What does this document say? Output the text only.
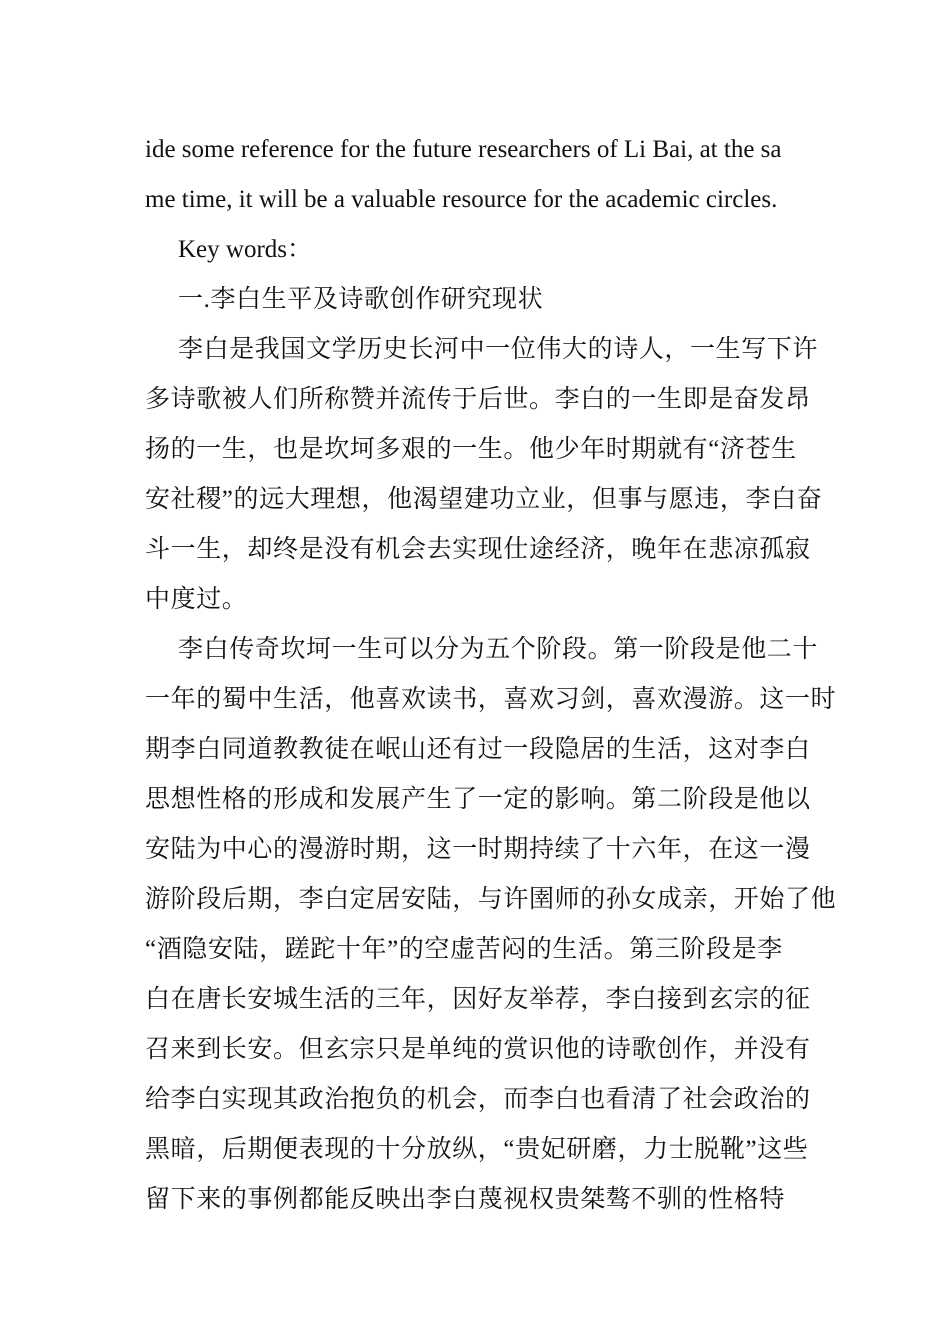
ide some reference for the future researchers of Li Bai, at the sa
me time, it will be a valuable resource for the academic circles.
Key words：
一.李白生平及诗歌创作研究现状
李白是我国文学历史长河中一位伟大的诗人，一生写下许
多诗歌被人们所称赞并流传于后世。李白的一生即是奋发昂
扬的一生，也是坎坷多艰的一生。他少年时期就有“济苍生
安社稷”的远大理想，他渴望建功立业，但事与愿违，李白奋
斗一生，却终是没有机会去实现仕途经济，晚年在悲凉孤寂
中度过。
李白传奇坎坷一生可以分为五个阶段。第一阶段是他二十
一年的蜀中生活，他喜欢读书，喜欢习剑，喜欢漫游。这一时
期李白同道教教徒在岷山还有过一段隐居的生活，这对李白
思想性格的形成和发展产生了一定的影响。第二阶段是他以
安陆为中心的漫游时期，这一时期持续了十六年，在这一漫
游阶段后期，李白定居安陆，与许圉师的孙女成亲，开始了他
“酒隐安陆，蹉跎十年”的空虚苦闷的生活。第三阶段是李
白在唐长安城生活的三年，因好友举荐，李白接到玄宗的征
召来到长安。但玄宗只是单纯的赏识他的诗歌创作，并没有
给李白实现其政治抱负的机会，而李白也看清了社会政治的
黑暗，后期便表现的十分放纵，“贵妃研磨，力士脱靴”这些
留下来的事例都能反映出李白蔑视权贵桀骜不驯的性格特
